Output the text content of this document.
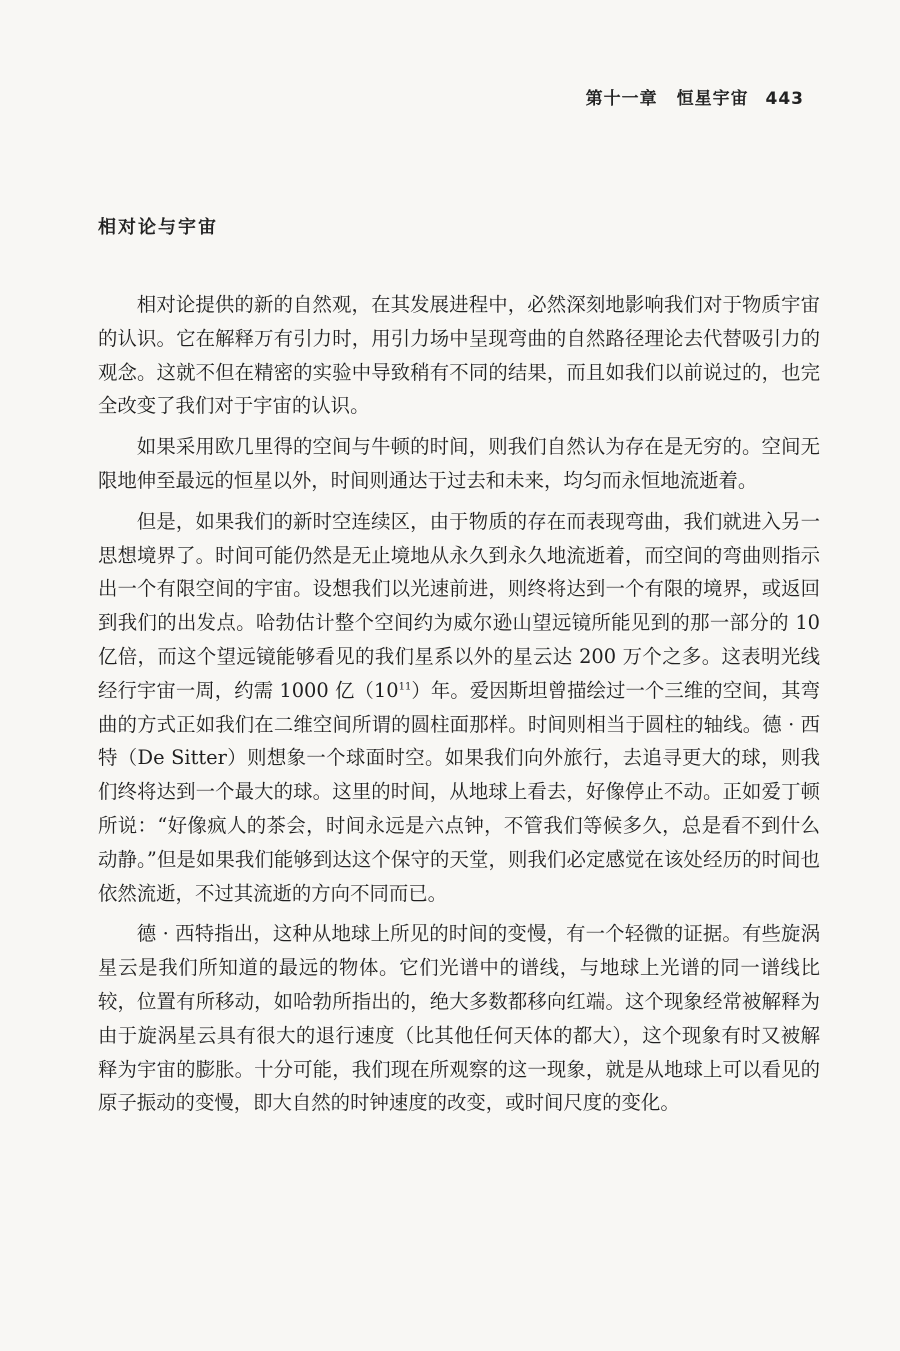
第十一章 恒星宇宙 443
相对论与宇宙

相对论提供的新的自然观，在其发展进程中，必然深刻地影响我们对于物质宇宙的认识。它在解释万有引力时，用引力场中呈现弯曲的自然路径理论去代替吸引力的观念。这就不但在精密的实验中导致稍有不同的结果，而且如我们以前说过的，也完全改变了我们对于宇宙的认识。

如果采用欧几里得的空间与牛顿的时间，则我们自然认为存在是无穷的。空间无限地伸至最远的恒星以外，时间则通达于过去和未来，均匀而永恒地流逝着。

但是，如果我们的新时空连续区，由于物质的存在而表现弯曲，我们就进入另一思想境界了。时间可能仍然是无止境地从永久到永久地流逝着，而空间的弯曲则指示出一个有限空间的宇宙。设想我们以光速前进，则终将达到一个有限的境界，或返回到我们的出发点。哈勃估计整个空间约为威尔逊山望远镜所能见到的那一部分的 10 亿倍，而这个望远镜能够看见的我们星系以外的星云达 200 万个之多。这表明光线经行宇宙一周，约需 1000 亿$(10^{11})$年。爱因斯坦曾描绘过一个三维的空间，其弯曲的方式正如我们在二维空间所谓的圆柱面那样。时间则相当于圆柱的轴线。德 · 西特（De Sitter）则想象一个球面时空。如果我们向外旅行，去追寻更大的球，则我们终将达到一个最大的球。这里的时间，从地球上看去，好像停止不动。正如爱丁顿所说：“好像疯人的茶会，时间永远是六点钟，不管我们等候多久，总是看不到什么动静。”但是如果我们能够到达这个保守的天堂，则我们必定感觉在该处经历的时间也依然流逝，不过其流逝的方向不同而已。

德 · 西特指出，这种从地球上所见的时间的变慢，有一个轻微的证据。有些旋涡星云是我们所知道的最远的物体。它们光谱中的谱线，与地球上光谱的同一谱线比较，位置有所移动，如哈勃所指出的，绝大多数都移向红端。这个现象经常被解释为由于旋涡星云具有很大的退行速度（比其他任何天体的都大），这个现象有时又被解释为宇宙的膨胀。十分可能，我们现在所观察的这一现象，就是从地球上可以看见的原子振动的变慢，即大自然的时钟速度的改变，或时间尺度的变化。
